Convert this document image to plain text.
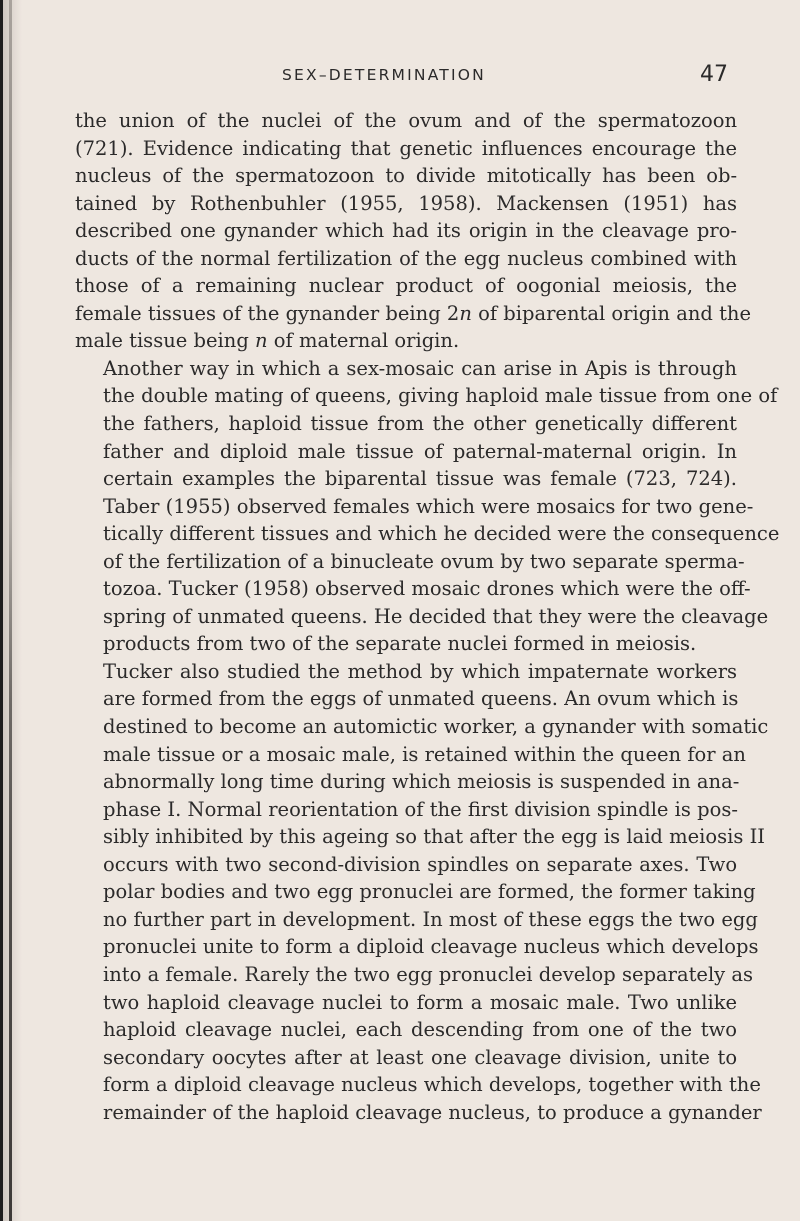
SEX–DETERMINATION	47
the union of the nuclei of the ovum and of the spermatozoon
(721). Evidence indicating that genetic influences encourage the
nucleus of the spermatozoon to divide mitotically has been ob-
tained by Rothenbuhler (1955, 1958). Mackensen (1951) has
described one gynander which had its origin in the cleavage pro-
ducts of the normal fertilization of the egg nucleus combined with
those of a remaining nuclear product of oogonial meiosis, the
female tissues of the gynander being 2n of biparental origin and the
male tissue being n of maternal origin.
Another way in which a sex-mosaic can arise in Apis is through
the double mating of queens, giving haploid male tissue from one of
the fathers, haploid tissue from the other genetically different
father and diploid male tissue of paternal-maternal origin. In
certain examples the biparental tissue was female (723, 724).
Taber (1955) observed females which were mosaics for two gene-
tically different tissues and which he decided were the consequence
of the fertilization of a binucleate ovum by two separate sperma-
tozoa. Tucker (1958) observed mosaic drones which were the off-
spring of unmated queens. He decided that they were the cleavage
products from two of the separate nuclei formed in meiosis.
Tucker also studied the method by which impaternate workers
are formed from the eggs of unmated queens. An ovum which is
destined to become an automictic worker, a gynander with somatic
male tissue or a mosaic male, is retained within the queen for an
abnormally long time during which meiosis is suspended in ana-
phase I. Normal reorientation of the first division spindle is pos-
sibly inhibited by this ageing so that after the egg is laid meiosis II
occurs with two second-division spindles on separate axes. Two
polar bodies and two egg pronuclei are formed, the former taking
no further part in development. In most of these eggs the two egg
pronuclei unite to form a diploid cleavage nucleus which develops
into a female. Rarely the two egg pronuclei develop separately as
two haploid cleavage nuclei to form a mosaic male. Two unlike
haploid cleavage nuclei, each descending from one of the two
secondary oocytes after at least one cleavage division, unite to
form a diploid cleavage nucleus which develops, together with the
remainder of the haploid cleavage nucleus, to produce a gynander
